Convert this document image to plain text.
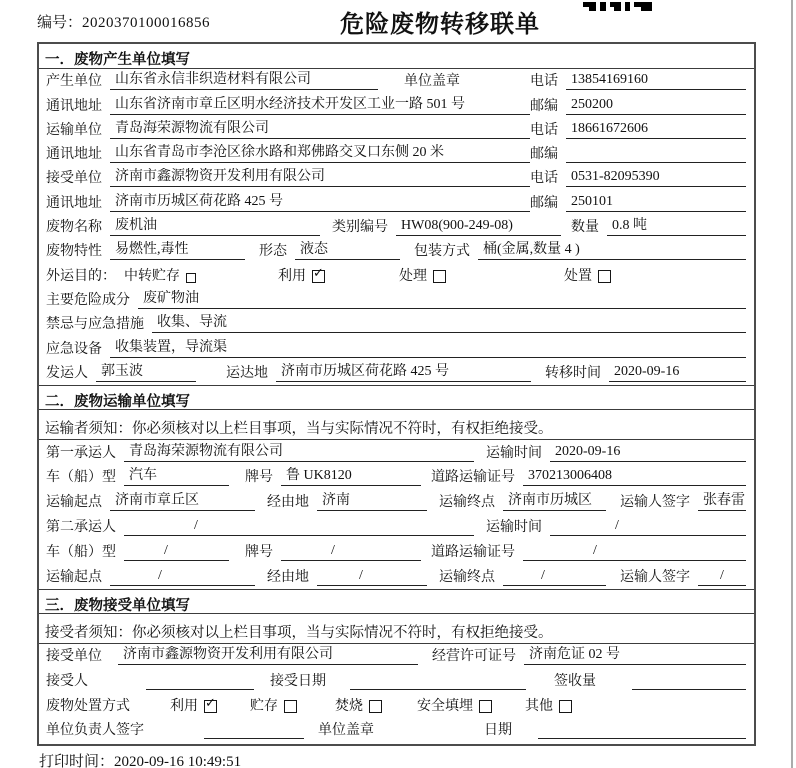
编号：2020370100016856	危险废物转移联单
一．废物产生单位填写
产生单位 山东省永信非织造材料有限公司	单位盖章	电话 13854169160
通讯地址 山东省济南市章丘区明水经济技术开发区工业一路 501 号	邮编 250200
运输单位 青岛海荣源物流有限公司	电话 18661672606
通讯地址 山东省青岛市李沧区徐水路和郑佛路交叉口东侧 20 米	邮编
接受单位 济南市鑫源物资开发利用有限公司	电话 0531-82095390
通讯地址 济南市历城区荷花路 425 号	邮编 250101
废物名称 废机油	类别编号 HW08(900-249-08)	数量 0.8 吨
废物特性 易燃性,毒性	形态 液态	包装方式 桶(金属,数量 4 )
外运目的： 中转贮存	利用 ✓	处理	处置
主要危险成分 废矿物油
禁忌与应急措施 收集、导流
应急设备 收集装置，导流渠
发运人 郭玉波	运达地 济南市历城区荷花路 425 号	转移时间 2020-09-16
二．废物运输单位填写
运输者须知：你必须核对以上栏目事项，当与实际情况不符时，有权拒绝接受。
第一承运人 青岛海荣源物流有限公司	运输时间 2020-09-16
车（船）型 汽车	牌号 鲁 UK8120	道路运输证号 370213006408
运输起点 济南市章丘区	经由地 济南	运输终点 济南市历城区	运输人签字 张春雷
第二承运人	/	运输时间	/
车（船）型	/	牌号	/	道路运输证号	/
运输起点	/	经由地	/	运输终点	/	运输人签字	/
三．废物接受单位填写
接受者须知：你必须核对以上栏目事项，当与实际情况不符时，有权拒绝接受。
接受单位	济南市鑫源物资开发利用有限公司	经营许可证号 济南危证 02 号
接受人	接受日期	签收量
废物处置方式	利用 ✓	贮存	焚烧	安全填埋	其他
单位负责人签字	单位盖章	日期
打印时间：2020-09-16 10:49:51
